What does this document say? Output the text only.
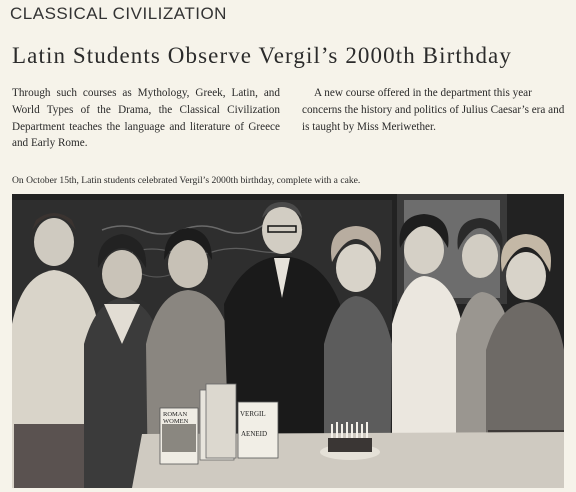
CLASSICAL CIVILIZATION
Latin Students Observe Vergil’s 2000th Birthday
Through such courses as Mythology, Greek, Latin, and World Types of the Drama, the Classical Civilization Department teaches the language and literature of Greece and Early Rome.
A new course offered in the department this year concerns the history and politics of Julius Caesar’s era and is taught by Miss Meriwether.
On October 15th, Latin students celebrated Vergil’s 2000th birthday, complete with a cake.
ROMAN
WOMEN
VERGIL
AENEID
